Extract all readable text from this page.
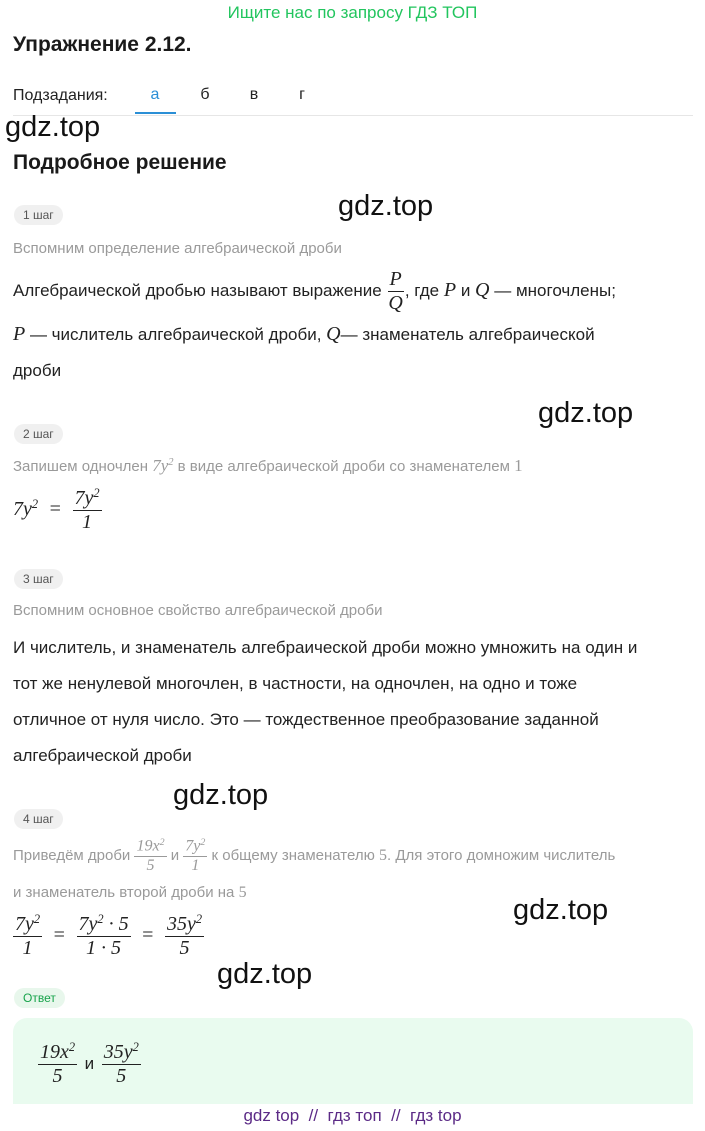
Ищите нас по запросу ГДЗ ТОП
Упражнение 2.12.
Подзадания:	а	б	в	г
gdz.top
Подробное решение
gdz.top
1 шаг
Вспомним определение алгебраической дроби
Алгебраической дробью называют выражение $\frac{P}{Q}$ , где P и Q — многочлены;
P — числитель алгебраической дроби, Q— знаменатель алгебраической
дроби
gdz.top
2 шаг
Запишем одночлен $7y^2$ в виде алгебраической дроби со знаменателем 1
$7y^2 = \frac{7y^2}{1}$
3 шаг
Вспомним основное свойство алгебраической дроби
И числитель, и знаменатель алгебраической дроби можно умножить на один и
тот же ненулевой многочлен, в частности, на одночлен, на одно и тоже
отличное от нуля число. Это — тождественное преобразование заданной
алгебраической дроби
gdz.top
4 шаг
Приведём дроби $\frac{19x^2}{5}$ и $\frac{7y^2}{1}$ к общему знаменателю 5. Для этого домножим числитель
и знаменатель второй дроби на 5
$\frac{7y^2}{1} = \frac{7y^2 \cdot 5}{1 \cdot 5} = \frac{35y^2}{5}$
gdz.top
gdz.top
Ответ
$\frac{19x^2}{5}$ и $\frac{35y^2}{5}$
gdz top  //  гдз топ  //  гдз top
